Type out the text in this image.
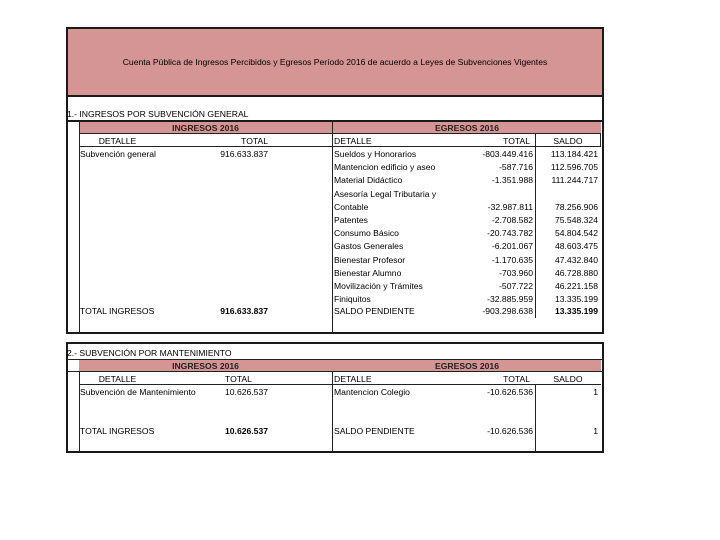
Cuenta Pública de Ingresos Percibidos y Egresos Período 2016 de acuerdo a Leyes de Subvenciones Vigentes
1.- INGRESOS POR SUBVENCIÓN GENERAL
INGRESOS 2016	EGRESOS 2016
DETALLE	TOTAL	DETALLE	TOTAL	SALDO
Subvención general	916.633.837	Sueldos y Honorarios	-803.449.416	113.184.421
Mantencion edificio y aseo	-587.716	112.596.705
Material Didáctico	-1.351.988	111.244.717
Asesoría Legal Tributaria y
Contable	-32.987.811	78.256.906
Patentes	-2.708.582	75.548.324
Consumo Básico	-20.743.782	54.804.542
Gastos Generales	-6.201.067	48.603.475
Bienestar Profesor	-1.170.635	47.432.840
Bienestar Alumno	-703.960	46.728.880
Movilización y Trámites	-507.722	46.221.158
Finiquitos	-32.885.959	13.335.199
TOTAL INGRESOS	916.633.837	SALDO PENDIENTE	-903.298.638	13.335.199
2.- SUBVENCIÓN POR MANTENIMIENTO
INGRESOS 2016	EGRESOS 2016
DETALLE	TOTAL	DETALLE	TOTAL	SALDO
Subvención de Mantenimiento	10.626.537	Mantencion Colegio	-10.626.536	1
TOTAL INGRESOS	10.626.537	SALDO PENDIENTE	-10.626.536	1
